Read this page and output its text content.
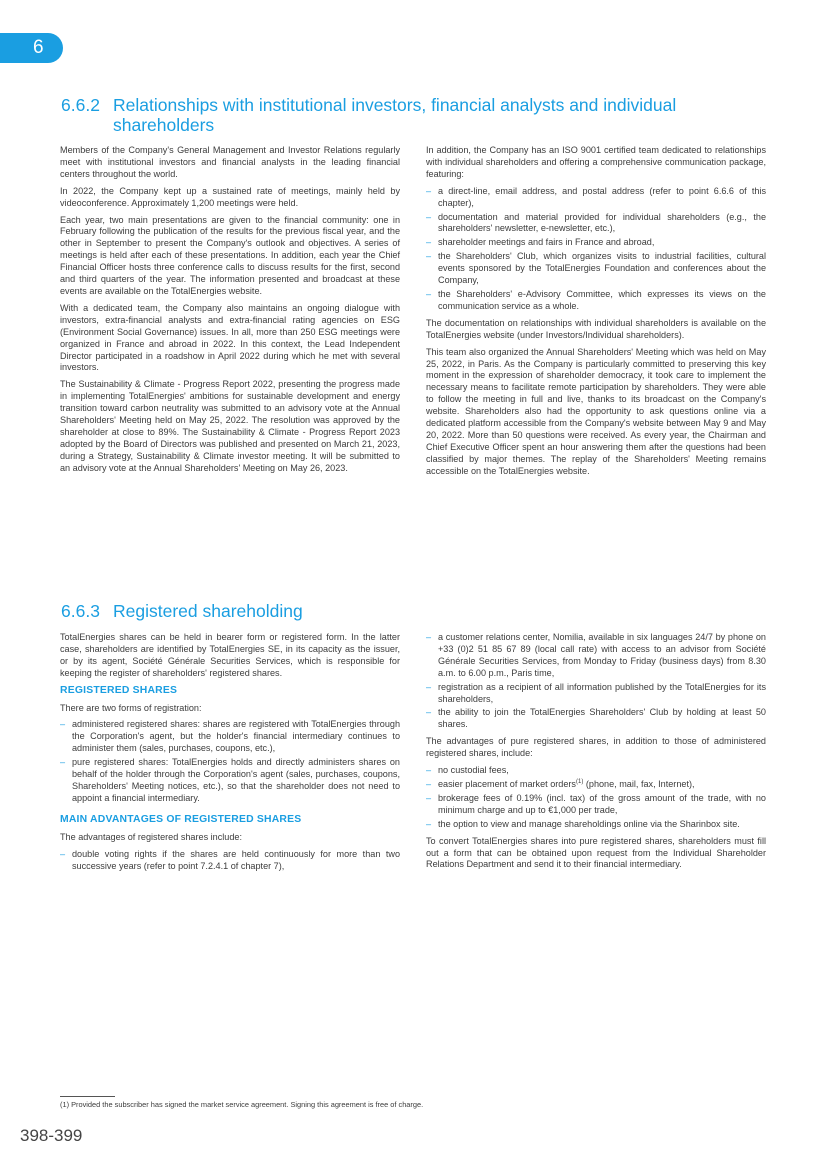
6
6.6.2 Relationships with institutional investors, financial analysts and individual
shareholders

Members of the Company's General Management and Investor Relations regularly meet with institutional investors and financial analysts in the leading financial centers throughout the world.

In 2022, the Company kept up a sustained rate of meetings, mainly held by videoconference. Approximately 1,200 meetings were held.

Each year, two main presentations are given to the financial community: one in February following the publication of the results for the previous fiscal year, and the other in September to present the Company's outlook and objectives. A series of meetings is held after each of these presentations. In addition, each year the Chief Financial Officer hosts three conference calls to discuss results for the first, second and third quarters of the year. The information presented and broadcast at these events are available on the TotalEnergies website.

With a dedicated team, the Company also maintains an ongoing dialogue with investors, extra-financial analysts and extra-financial rating agencies on ESG (Environment Social Governance) issues. In all, more than 250 ESG meetings were organized in France and abroad in 2022. In this context, the Lead Independent Director participated in a roadshow in April 2022 during which he met with several investors.

The Sustainability & Climate - Progress Report 2022, presenting the progress made in implementing TotalEnergies' ambitions for sustainable development and energy transition toward carbon neutrality was submitted to an advisory vote at the Annual Shareholders' Meeting held on May 25, 2022. The resolution was approved by the shareholder at close to 89%. The Sustainability & Climate - Progress Report 2023 adopted by the Board of Directors was published and presented on March 21, 2023, during a Strategy, Sustainability & Climate investor meeting. It will be submitted to an advisory vote at the Annual Shareholders' Meeting on May 26, 2023.

In addition, the Company has an ISO 9001 certified team dedicated to relationships with individual shareholders and offering a comprehensive communication package, featuring:

– a direct-line, email address, and postal address (refer to point 6.6.6 of this chapter),
– documentation and material provided for individual shareholders (e.g., the shareholders' newsletter, e-newsletter, etc.),
– shareholder meetings and fairs in France and abroad,
– the Shareholders' Club, which organizes visits to industrial facilities, cultural events sponsored by the TotalEnergies Foundation and conferences about the Company,
– the Shareholders' e-Advisory Committee, which expresses its views on the communication service as a whole.

The documentation on relationships with individual shareholders is available on the TotalEnergies website (under Investors/Individual shareholders).

This team also organized the Annual Shareholders' Meeting which was held on May 25, 2022, in Paris. As the Company is particularly committed to preserving this key moment in the expression of shareholder democracy, it took care to implement the necessary means to facilitate remote participation by shareholders. They were able to follow the meeting in full and live, thanks to its broadcast on the Company's website. Shareholders also had the opportunity to ask questions online via a dedicated platform accessible from the Company's website between May 9 and May 20, 2022. More than 50 questions were received. As every year, the Chairman and Chief Executive Officer spent an hour answering them after the questions had been classified by major themes. The replay of the Shareholders' Meeting remains accessible on the TotalEnergies website.

6.6.3 Registered shareholding

TotalEnergies shares can be held in bearer form or registered form. In the latter case, shareholders are identified by TotalEnergies SE, in its capacity as the issuer, or by its agent, Société Générale Securities Services, which is responsible for keeping the register of shareholders' registered shares.

REGISTERED SHARES

There are two forms of registration:

– administered registered shares: shares are registered with TotalEnergies through the Corporation's agent, but the holder's financial intermediary continues to administer them (sales, purchases, coupons, etc.),
– pure registered shares: TotalEnergies holds and directly administers shares on behalf of the holder through the Corporation's agent (sales, purchases, coupons, Shareholders' Meeting notices, etc.), so that the shareholder does not need to appoint a financial intermediary.
MAIN ADVANTAGES OF REGISTERED SHARES

The advantages of registered shares include:

– double voting rights if the shares are held continuously for more than two successive years (refer to point 7.2.4.1 of chapter 7),
– a customer relations center, Nomilia, available in six languages 24/7 by phone on +33 (0)2 51 85 67 89 (local call rate) with access to an advisor from Société Générale Securities Services, from Monday to Friday (business days) from 8.30 a.m. to 6.00 p.m., Paris time,
– registration as a recipient of all information published by the TotalEnergies for its shareholders,
– the ability to join the TotalEnergies Shareholders' Club by holding at least 50 shares.

The advantages of pure registered shares, in addition to those of administered registered shares, include:

– no custodial fees,
– easier placement of market orders$^{(1)}$ (phone, mail, fax, Internet),
– brokerage fees of 0.19% (incl. tax) of the gross amount of the trade, with no minimum charge and up to €1,000 per trade,
– the option to view and manage shareholdings online via the Sharinbox site.

To convert TotalEnergies shares into pure registered shares, shareholders must fill out a form that can be obtained upon request from the Individual Shareholder Relations Department and send it to their financial intermediary.

(1) Provided the subscriber has signed the market service agreement. Signing this agreement is free of charge.
398-399
